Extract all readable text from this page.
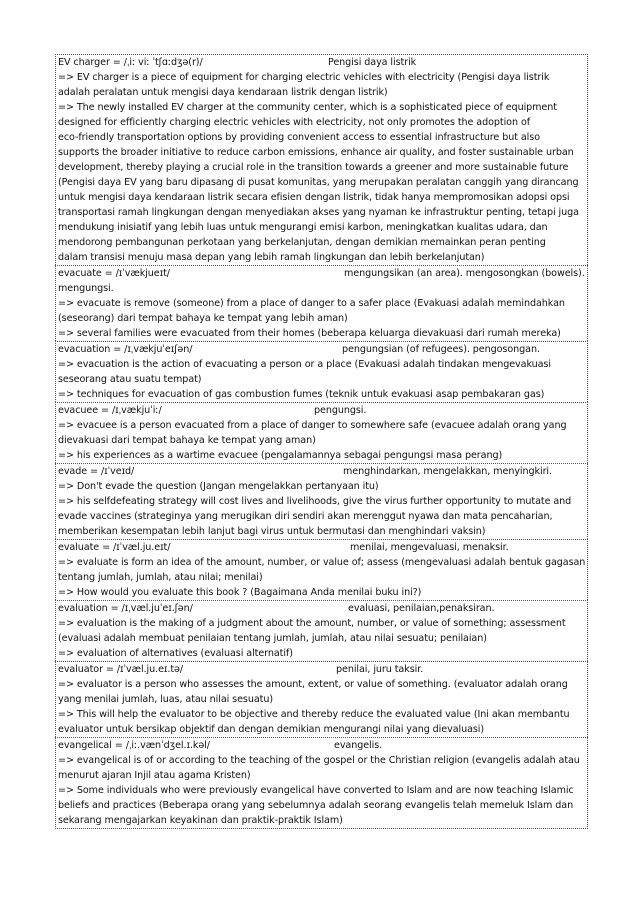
EV charger = /ˌiː viː ˈtʃɑːdʒə(r)/	Pengisi daya listrik
=> EV charger is a piece of equipment for charging electric vehicles with electricity (Pengisi daya listrik
adalah peralatan untuk mengisi daya kendaraan listrik dengan listrik)
=> The newly installed EV charger at the community center, which is a sophisticated piece of equipment
designed for efficiently charging electric vehicles with electricity, not only promotes the adoption of
eco-friendly transportation options by providing convenient access to essential infrastructure but also
supports the broader initiative to reduce carbon emissions, enhance air quality, and foster sustainable urban
development, thereby playing a crucial role in the transition towards a greener and more sustainable future
(Pengisi daya EV yang baru dipasang di pusat komunitas, yang merupakan peralatan canggih yang dirancang
untuk mengisi daya kendaraan listrik secara efisien dengan listrik, tidak hanya mempromosikan adopsi opsi
transportasi ramah lingkungan dengan menyediakan akses yang nyaman ke infrastruktur penting, tetapi juga
mendukung inisiatif yang lebih luas untuk mengurangi emisi karbon, meningkatkan kualitas udara, dan
mendorong pembangunan perkotaan yang berkelanjutan, dengan demikian memainkan peran penting
dalam transisi menuju masa depan yang lebih ramah lingkungan dan lebih berkelanjutan)
evacuate = /ɪˈvækjueɪt/	mengungsikan (an area). mengosongkan (bowels).
mengungsi.
=> evacuate is remove (someone) from a place of danger to a safer place (Evakuasi adalah memindahkan
(seseorang) dari tempat bahaya ke tempat yang lebih aman)
=> several families were evacuated from their homes (beberapa keluarga dievakuasi dari rumah mereka)
evacuation = /ɪˌvækjuˈeɪʃən/	pengungsian (of refugees). pengosongan.
=> evacuation is the action of evacuating a person or a place (Evakuasi adalah tindakan mengevakuasi
seseorang atau suatu tempat)
=> techniques for evacuation of gas combustion fumes (teknik untuk evakuasi asap pembakaran gas)
evacuee = /ɪˌvækjuˈiː/	pengungsi.
=> evacuee is a person evacuated from a place of danger to somewhere safe (evacuee adalah orang yang
dievakuasi dari tempat bahaya ke tempat yang aman)
=> his experiences as a wartime evacuee (pengalamannya sebagai pengungsi masa perang)
evade = /ɪˈveɪd/	menghindarkan, mengelakkan, menyingkiri.
=> Don't evade the question (Jangan mengelakkan pertanyaan itu)
=> his selfdefeating strategy will cost lives and livelihoods, give the virus further opportunity to mutate and
evade vaccines (strateginya yang merugikan diri sendiri akan merenggut nyawa dan mata pencaharian,
memberikan kesempatan lebih lanjut bagi virus untuk bermutasi dan menghindari vaksin)
evaluate = /ɪˈvæl.ju.eɪt/	menilai, mengevaluasi, menaksir.
=> evaluate is form an idea of the amount, number, or value of; assess (mengevaluasi adalah bentuk gagasan
tentang jumlah, jumlah, atau nilai; menilai)
=> How would you evaluate this book ? (Bagaimana Anda menilai buku ini?)
evaluation = /ɪˌvæl.juˈeɪ.ʃən/	evaluasi, penilaian,penaksiran.
=> evaluation is the making of a judgment about the amount, number, or value of something; assessment
(evaluasi adalah membuat penilaian tentang jumlah, jumlah, atau nilai sesuatu; penilaian)
=> evaluation of alternatives (evaluasi alternatif)
evaluator = /ɪˈvæl.ju.eɪ.tə/	penilai, juru taksir.
=> evaluator is a person who assesses the amount, extent, or value of something. (evaluator adalah orang
yang menilai jumlah, luas, atau nilai sesuatu)
=> This will help the evaluator to be objective and thereby reduce the evaluated value (Ini akan membantu
evaluator untuk bersikap objektif dan dengan demikian mengurangi nilai yang dievaluasi)
evangelical = /ˌiː.vænˈdʒel.ɪ.kəl/	evangelis.
=> evangelical is of or according to the teaching of the gospel or the Christian religion (evangelis adalah atau
menurut ajaran Injil atau agama Kristen)
=> Some individuals who were previously evangelical have converted to Islam and are now teaching Islamic
beliefs and practices (Beberapa orang yang sebelumnya adalah seorang evangelis telah memeluk Islam dan
sekarang mengajarkan keyakinan dan praktik-praktik Islam)
